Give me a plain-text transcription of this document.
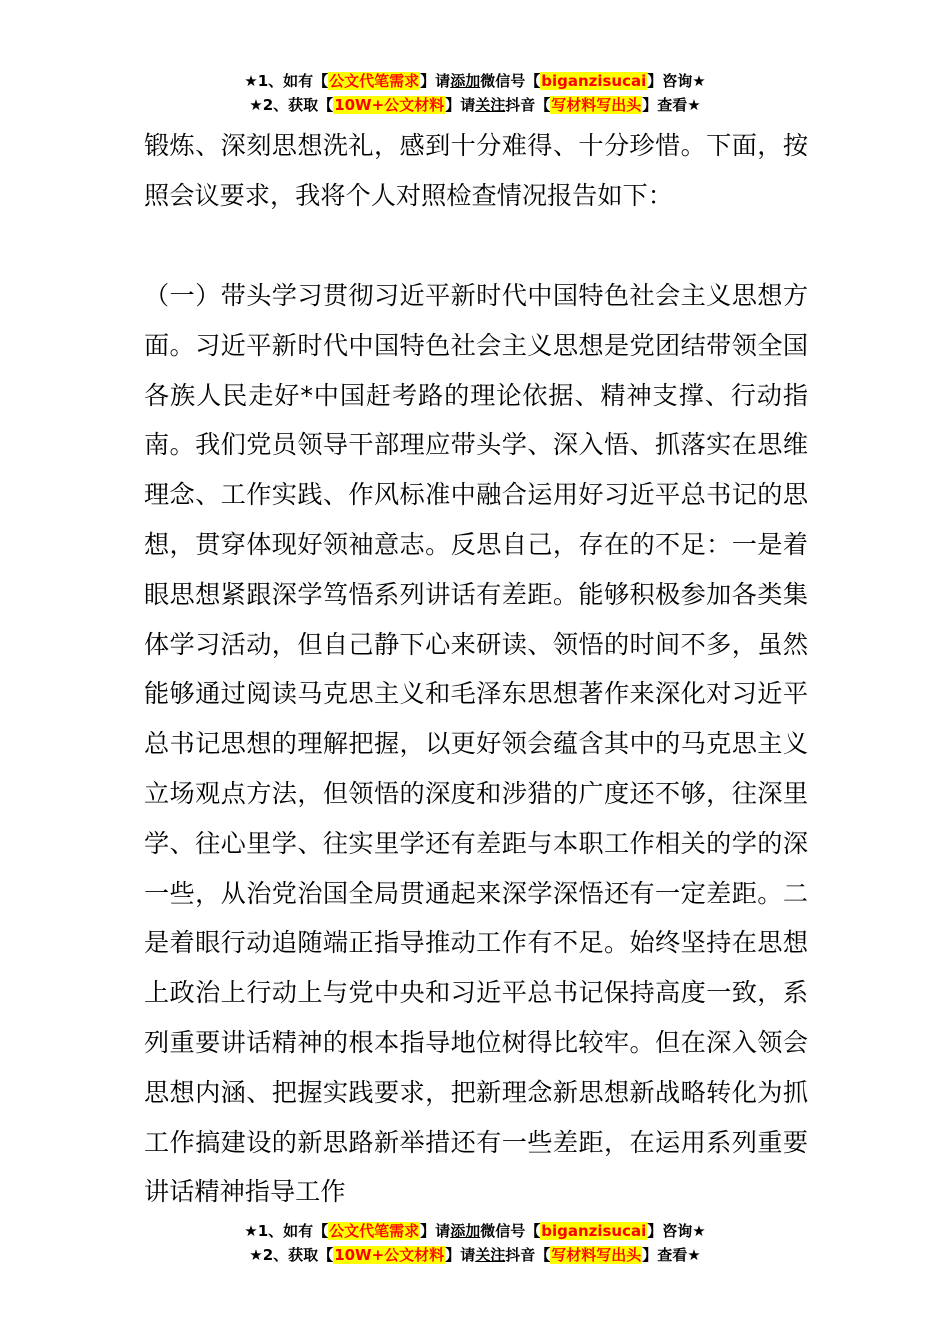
★1、如有【公文代笔需求】请添加微信号【biganzisucai】咨询★
★2、获取【10W+公文材料】请关注抖音【写材料写出头】查看★

锻炼、深刻思想洗礼，感到十分难得、十分珍惜。下面，按照会议要求，我将个人对照检查情况报告如下：

（一）带头学习贯彻习近平新时代中国特色社会主义思想方面。习近平新时代中国特色社会主义思想是党团结带领全国各族人民走好*中国赶考路的理论依据、精神支撑、行动指南。我们党员领导干部理应带头学、深入悟、抓落实在思维理念、工作实践、作风标准中融合运用好习近平总书记的思想，贯穿体现好领袖意志。反思自己，存在的不足：一是着眼思想紧跟深学笃悟系列讲话有差距。能够积极参加各类集体学习活动，但自己静下心来研读、领悟的时间不多，虽然能够通过阅读马克思主义和毛泽东思想著作来深化对习近平总书记思想的理解把握，以更好领会蕴含其中的马克思主义立场观点方法，但领悟的深度和涉猎的广度还不够，往深里学、往心里学、往实里学还有差距与本职工作相关的学的深一些，从治党治国全局贯通起来深学深悟还有一定差距。二是着眼行动追随端正指导推动工作有不足。始终坚持在思想上政治上行动上与党中央和习近平总书记保持高度一致，系列重要讲话精神的根本指导地位树得比较牢。但在深入领会思想内涵、把握实践要求，把新理念新思想新战略转化为抓工作搞建设的新思路新举措还有一些差距，在运用系列重要讲话精神指导工作

★1、如有【公文代笔需求】请添加微信号【biganzisucai】咨询★
★2、获取【10W+公文材料】请关注抖音【写材料写出头】查看★
